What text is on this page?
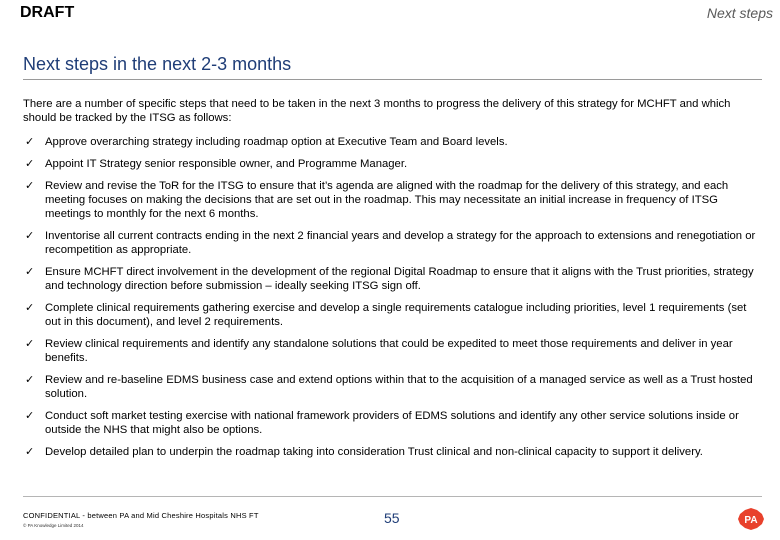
DRAFT	Next steps
Next steps in the next 2-3 months
There are a number of specific steps that need to be taken in the next 3 months to progress the delivery of this strategy for MCHFT and which should be tracked by the ITSG as follows:
✓ Approve overarching strategy including roadmap option at Executive Team and Board levels.
✓ Appoint IT Strategy senior responsible owner, and Programme Manager.
✓ Review and revise the ToR for the ITSG to ensure that it’s agenda are aligned with the roadmap for the delivery of this strategy, and each meeting focuses on making the decisions that are set out in the roadmap. This may necessitate an initial increase in frequency of ITSG meetings to monthly for the next 6 months.
✓ Inventorise all current contracts ending in the next 2 financial years and develop a strategy for the approach to extensions and renegotiation or recompetition as appropriate.
✓ Ensure MCHFT direct involvement in the development of the regional Digital Roadmap to ensure that it aligns with the Trust priorities, strategy and technology direction before submission – ideally seeking ITSG sign off.
✓ Complete clinical requirements gathering exercise and develop a single requirements catalogue including priorities, level 1 requirements (set out in this document), and level 2 requirements.
✓ Review clinical requirements and identify any standalone solutions that could be expedited to meet those requirements and deliver in year benefits.
✓ Review and re-baseline EDMS business case and extend options within that to the acquisition of a managed service as well as a Trust hosted solution.
✓ Conduct soft market testing exercise with national framework providers of EDMS solutions and identify any other service solutions inside or outside the NHS that might also be options.
✓ Develop detailed plan to underpin the roadmap taking into consideration Trust clinical and non-clinical capacity to support it delivery.
CONFIDENTIAL - between PA and Mid Cheshire Hospitals NHS FT
© PA Knowledge Limited 2014	55	PA
